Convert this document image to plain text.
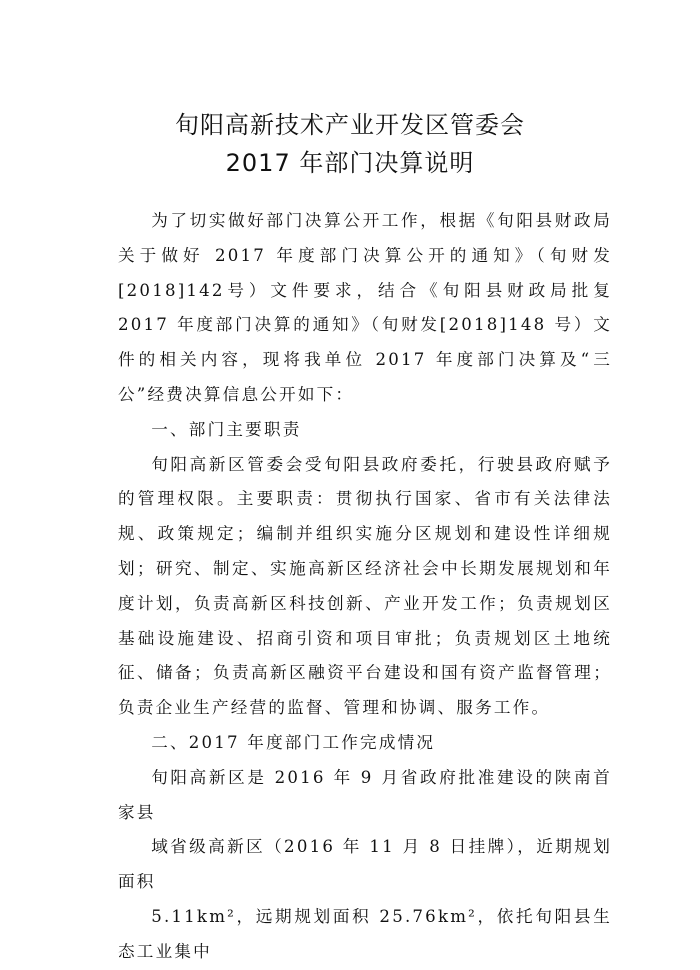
旬阳高新技术产业开发区管委会
2017 年部门决算说明

为了切实做好部门决算公开工作，根据《旬阳县财政局关于做好 2017 年度部门决算公开的通知》（旬财发[2018]142号）文件要求，结合《旬阳县财政局批复 2017 年度部门决算的通知》（旬财发[2018]148 号）文件的相关内容，现将我单位 2017 年度部门决算及“三公”经费决算信息公开如下：

一、部门主要职责

旬阳高新区管委会受旬阳县政府委托，行驶县政府赋予的管理权限。主要职责：贯彻执行国家、省市有关法律法规、政策规定；编制并组织实施分区规划和建设性详细规划；研究、制定、实施高新区经济社会中长期发展规划和年度计划，负责高新区科技创新、产业开发工作；负责规划区基础设施建设、招商引资和项目审批；负责规划区土地统征、储备；负责高新区融资平台建设和国有资产监督管理；负责企业生产经营的监督、管理和协调、服务工作。

二、2017 年度部门工作完成情况

旬阳高新区是 2016 年 9 月省政府批准建设的陕南首家县
域省级高新区（2016 年 11 月 8 日挂牌），近期规划面积
5.11km²，远期规划面积 25.76km²，依托旬阳县生态工业集中
